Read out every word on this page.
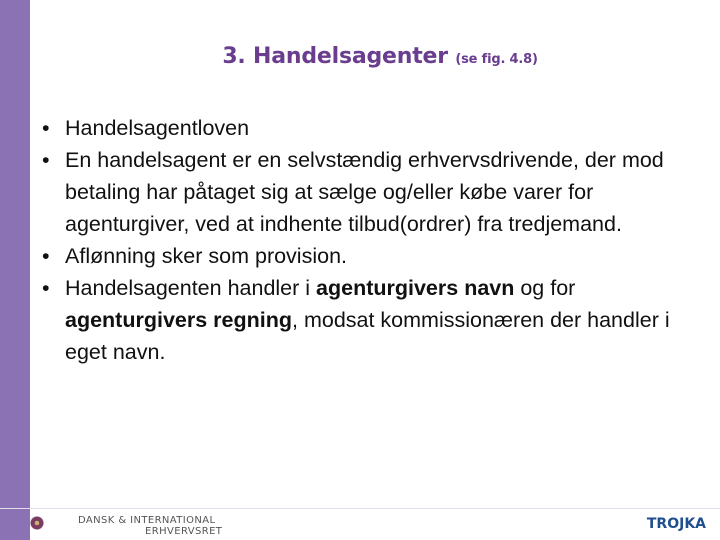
3. Handelsagenter (se fig. 4.8)
• Handelsagentloven
• En handelsagent er en selvstændig erhvervsdrivende, der mod betaling har påtaget sig at sælge og/eller købe varer for agenturgiver, ved at indhente tilbud(ordrer) fra tredjemand.
• Aflønning sker som provision.
• Handelsagenten handler i agenturgivers navn og for agenturgivers regning, modsat kommissionæren der handler i eget navn.
DANSK & INTERNATIONAL
ERHVERVSRET	TROJKA
